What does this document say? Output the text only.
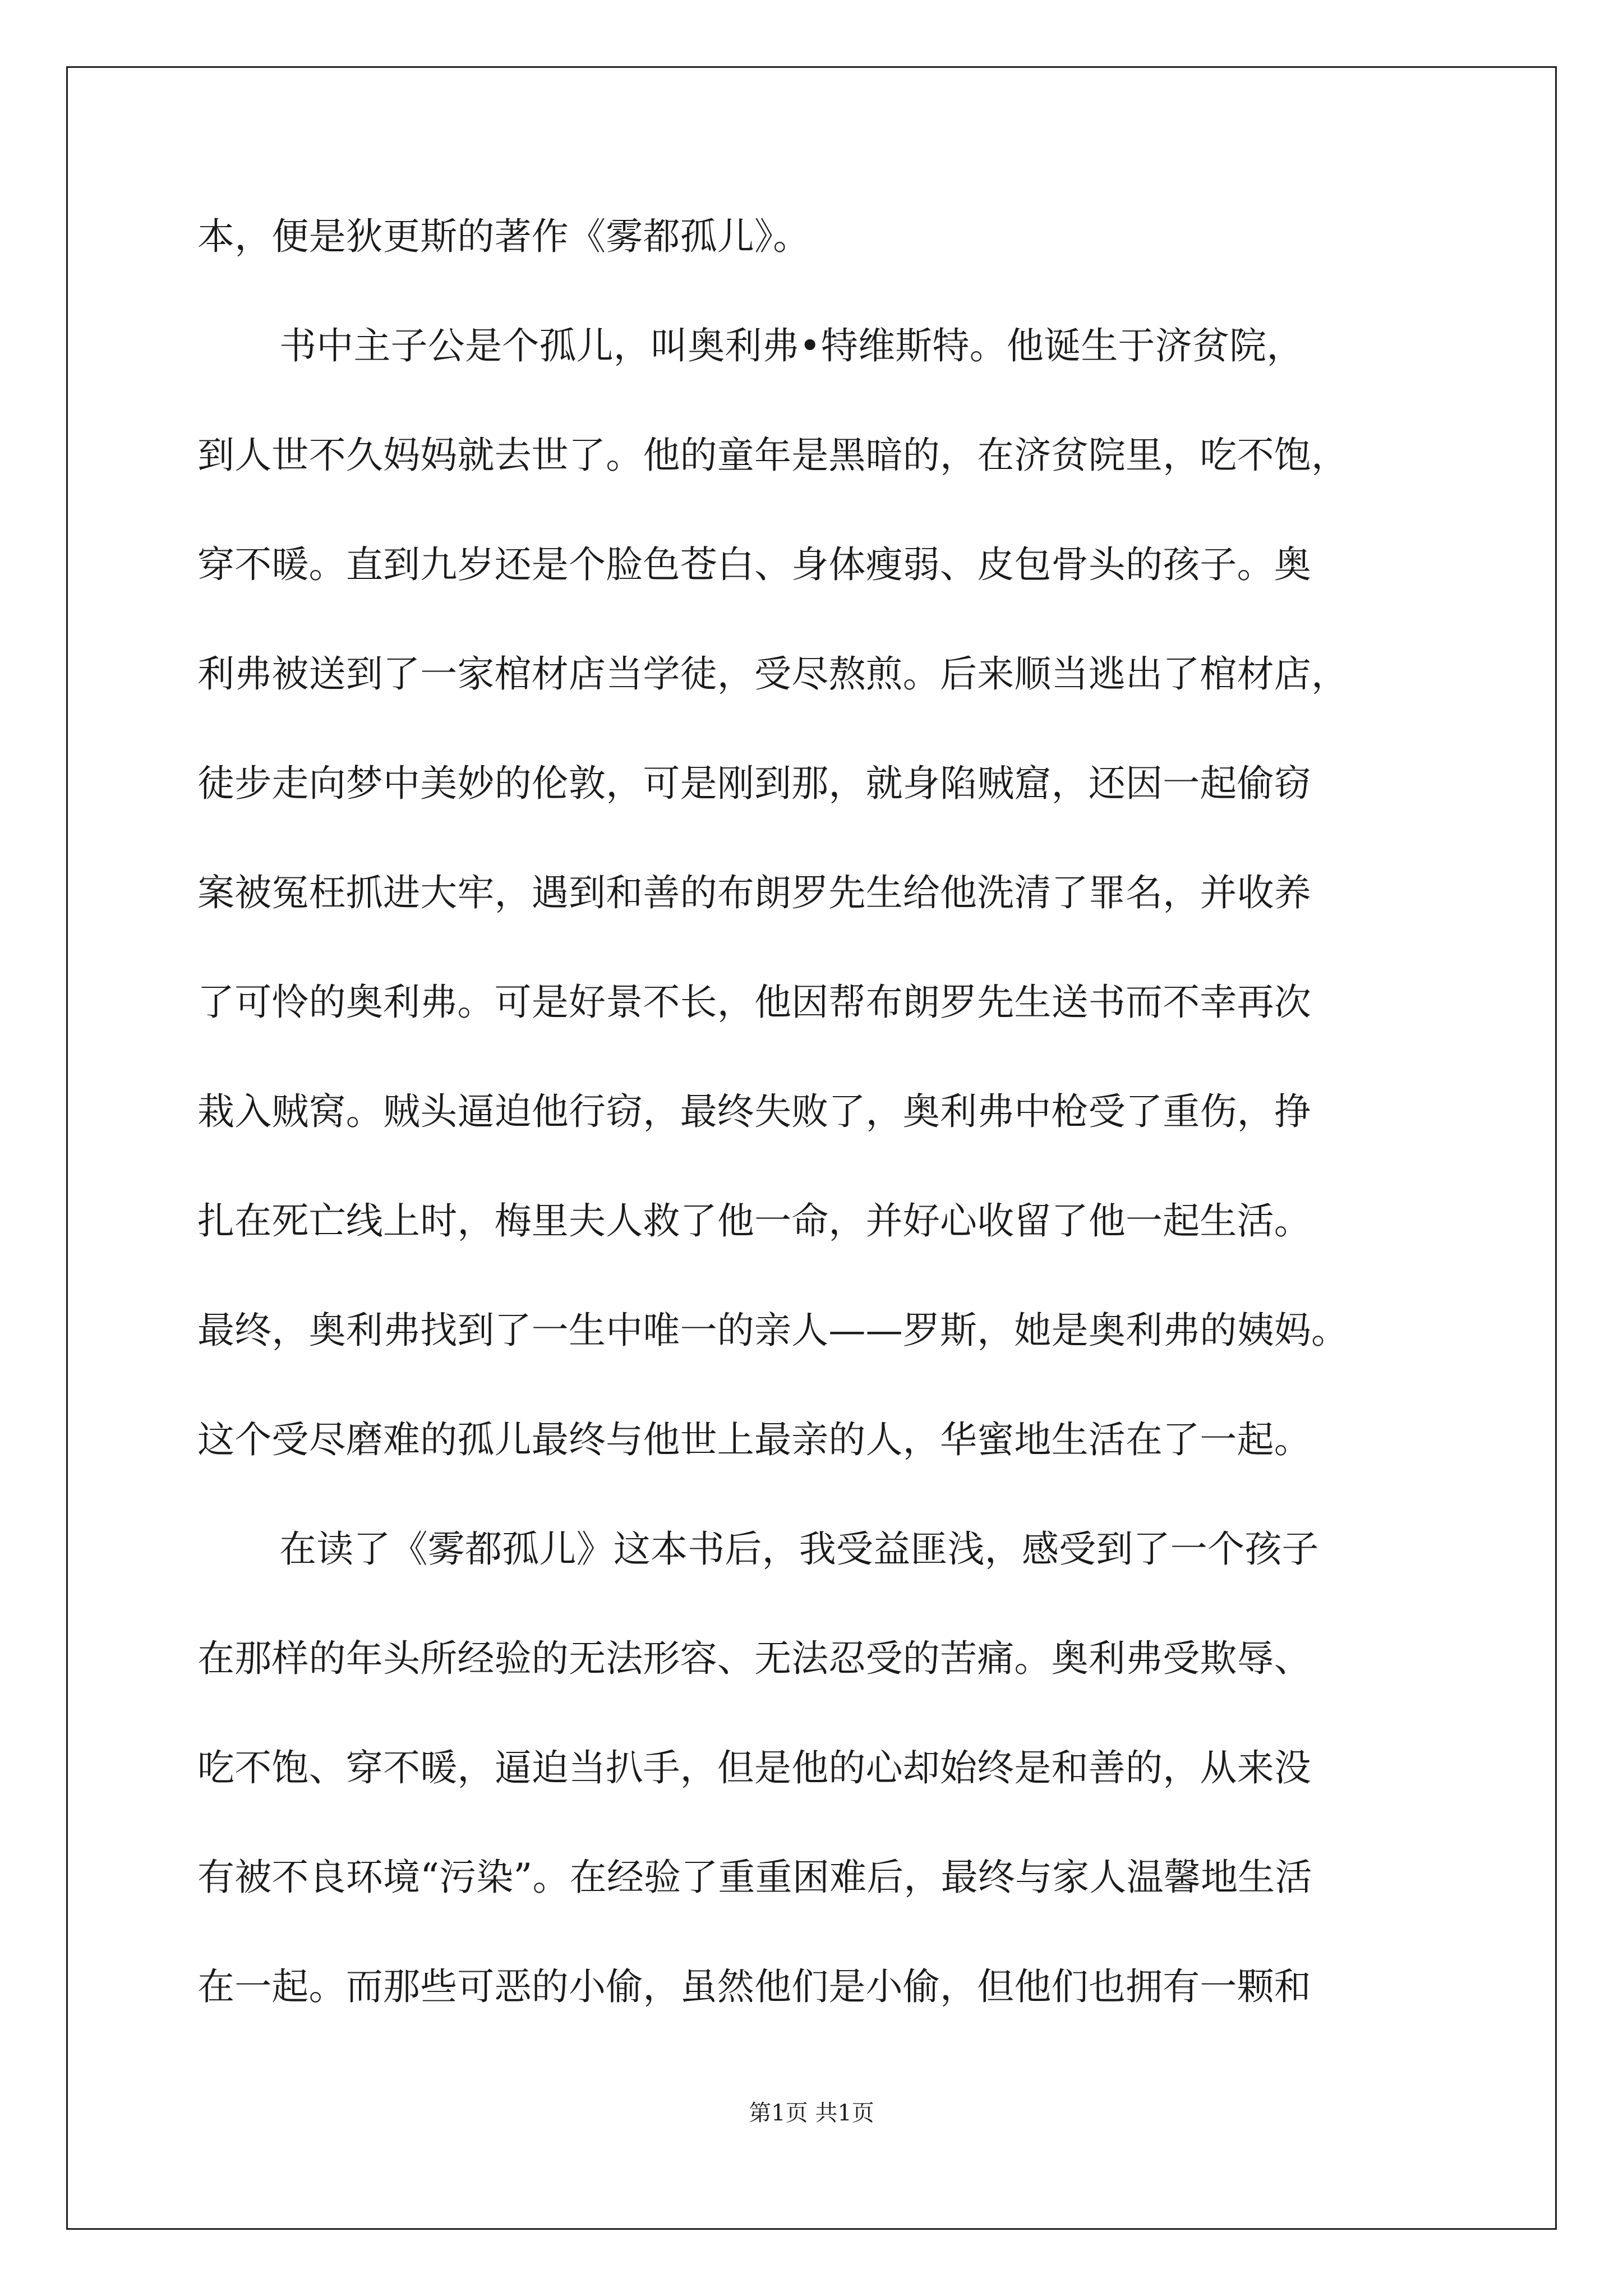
本，便是狄更斯的著作《雾都孤儿》。
书中主子公是个孤儿，叫奥利弗•特维斯特。他诞生于济贫院，
到人世不久妈妈就去世了。他的童年是黑暗的，在济贫院里，吃不饱，
穿不暖。直到九岁还是个脸色苍白、身体瘦弱、皮包骨头的孩子。奥
利弗被送到了一家棺材店当学徒，受尽熬煎。后来顺当逃出了棺材店，
徒步走向梦中美妙的伦敦，可是刚到那，就身陷贼窟，还因一起偷窃
案被冤枉抓进大牢，遇到和善的布朗罗先生给他洗清了罪名，并收养
了可怜的奥利弗。可是好景不长，他因帮布朗罗先生送书而不幸再次
栽入贼窝。贼头逼迫他行窃，最终失败了，奥利弗中枪受了重伤，挣
扎在死亡线上时，梅里夫人救了他一命，并好心收留了他一起生活。
最终，奥利弗找到了一生中唯一的亲人——罗斯，她是奥利弗的姨妈。
这个受尽磨难的孤儿最终与他世上最亲的人，华蜜地生活在了一起。
在读了《雾都孤儿》这本书后，我受益匪浅，感受到了一个孩子
在那样的年头所经验的无法形容、无法忍受的苦痛。奥利弗受欺辱、
吃不饱、穿不暖，逼迫当扒手，但是他的心却始终是和善的，从来没
有被不良环境“污染”。在经验了重重困难后，最终与家人温馨地生活
在一起。而那些可恶的小偷，虽然他们是小偷，但他们也拥有一颗和
第1页 共1页
